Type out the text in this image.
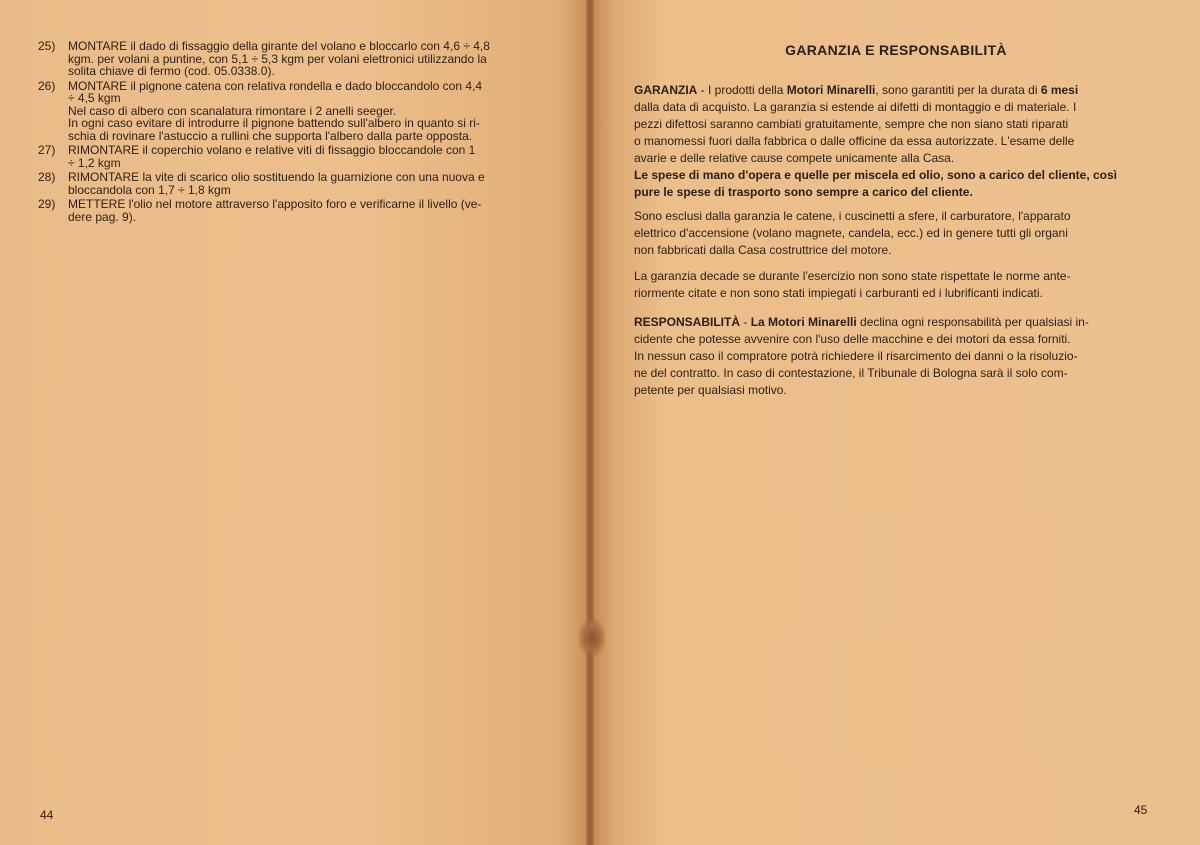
25) MONTARE il dado di fissaggio della girante del volano e bloccarlo con 4,6 ÷ 4,8
kgm. per volani a puntine, con 5,1 ÷ 5,3 kgm per volani elettronici utilizzando la
solita chiave di fermo (cod. 05.0338.0).
26) MONTARE il pignone catena con relativa rondella e dado bloccandolo con 4,4
÷ 4,5 kgm
Nel caso di albero con scanalatura rimontare i 2 anelli seeger.
In ogni caso evitare di introdurre il pignone battendo sull'albero in quanto si ri-
schia di rovinare l'astuccio a rullini che supporta l'albero dalla parte opposta.
27) RIMONTARE il coperchio volano e relative viti di fissaggio bloccandole con 1
÷ 1,2 kgm
28) RIMONTARE la vite di scarico olio sostituendo la guarnizione con una nuova e
bloccandola con 1,7 ÷ 1,8 kgm
29) METTERE l'olio nel motore attraverso l'apposito foro e verificarne il livello (ve-
dere pag. 9).
44
GARANZIA E RESPONSABILITÀ

GARANZIA - I prodotti della Motori Minarelli, sono garantiti per la durata di 6 mesi
dalla data di acquisto. La garanzia si estende ai difetti di montaggio e di materiale. I
pezzi difettosi saranno cambiati gratuitamente, sempre che non siano stati riparati
o manomessi fuori dalla fabbrica o dalle officine da essa autorizzate. L'esame delle
avarie e delle relative cause compete unicamente alla Casa.
Le spese di mano d'opera e quelle per miscela ed olio, sono a carico del cliente, così
pure le spese di trasporto sono sempre a carico del cliente.

Sono esclusi dalla garanzia le catene, i cuscinetti a sfere, il carburatore, l'apparato
elettrico d'accensione (volano magnete, candela, ecc.) ed in genere tutti gli organi
non fabbricati dalla Casa costruttrice del motore.

La garanzia decade se durante l'esercizio non sono state rispettate le norme ante-
riormente citate e non sono stati impiegati i carburanti ed i lubrificanti indicati.

RESPONSABILITÀ - La Motori Minarelli declina ogni responsabilità per qualsiasi in-
cidente che potesse avvenire con l'uso delle macchine e dei motori da essa forniti.
In nessun caso il compratore potrà richiedere il risarcimento dei danni o la risoluzio-
ne del contratto. In caso di contestazione, il Tribunale di Bologna sarà il solo com-
petente per qualsiasi motivo.

45
